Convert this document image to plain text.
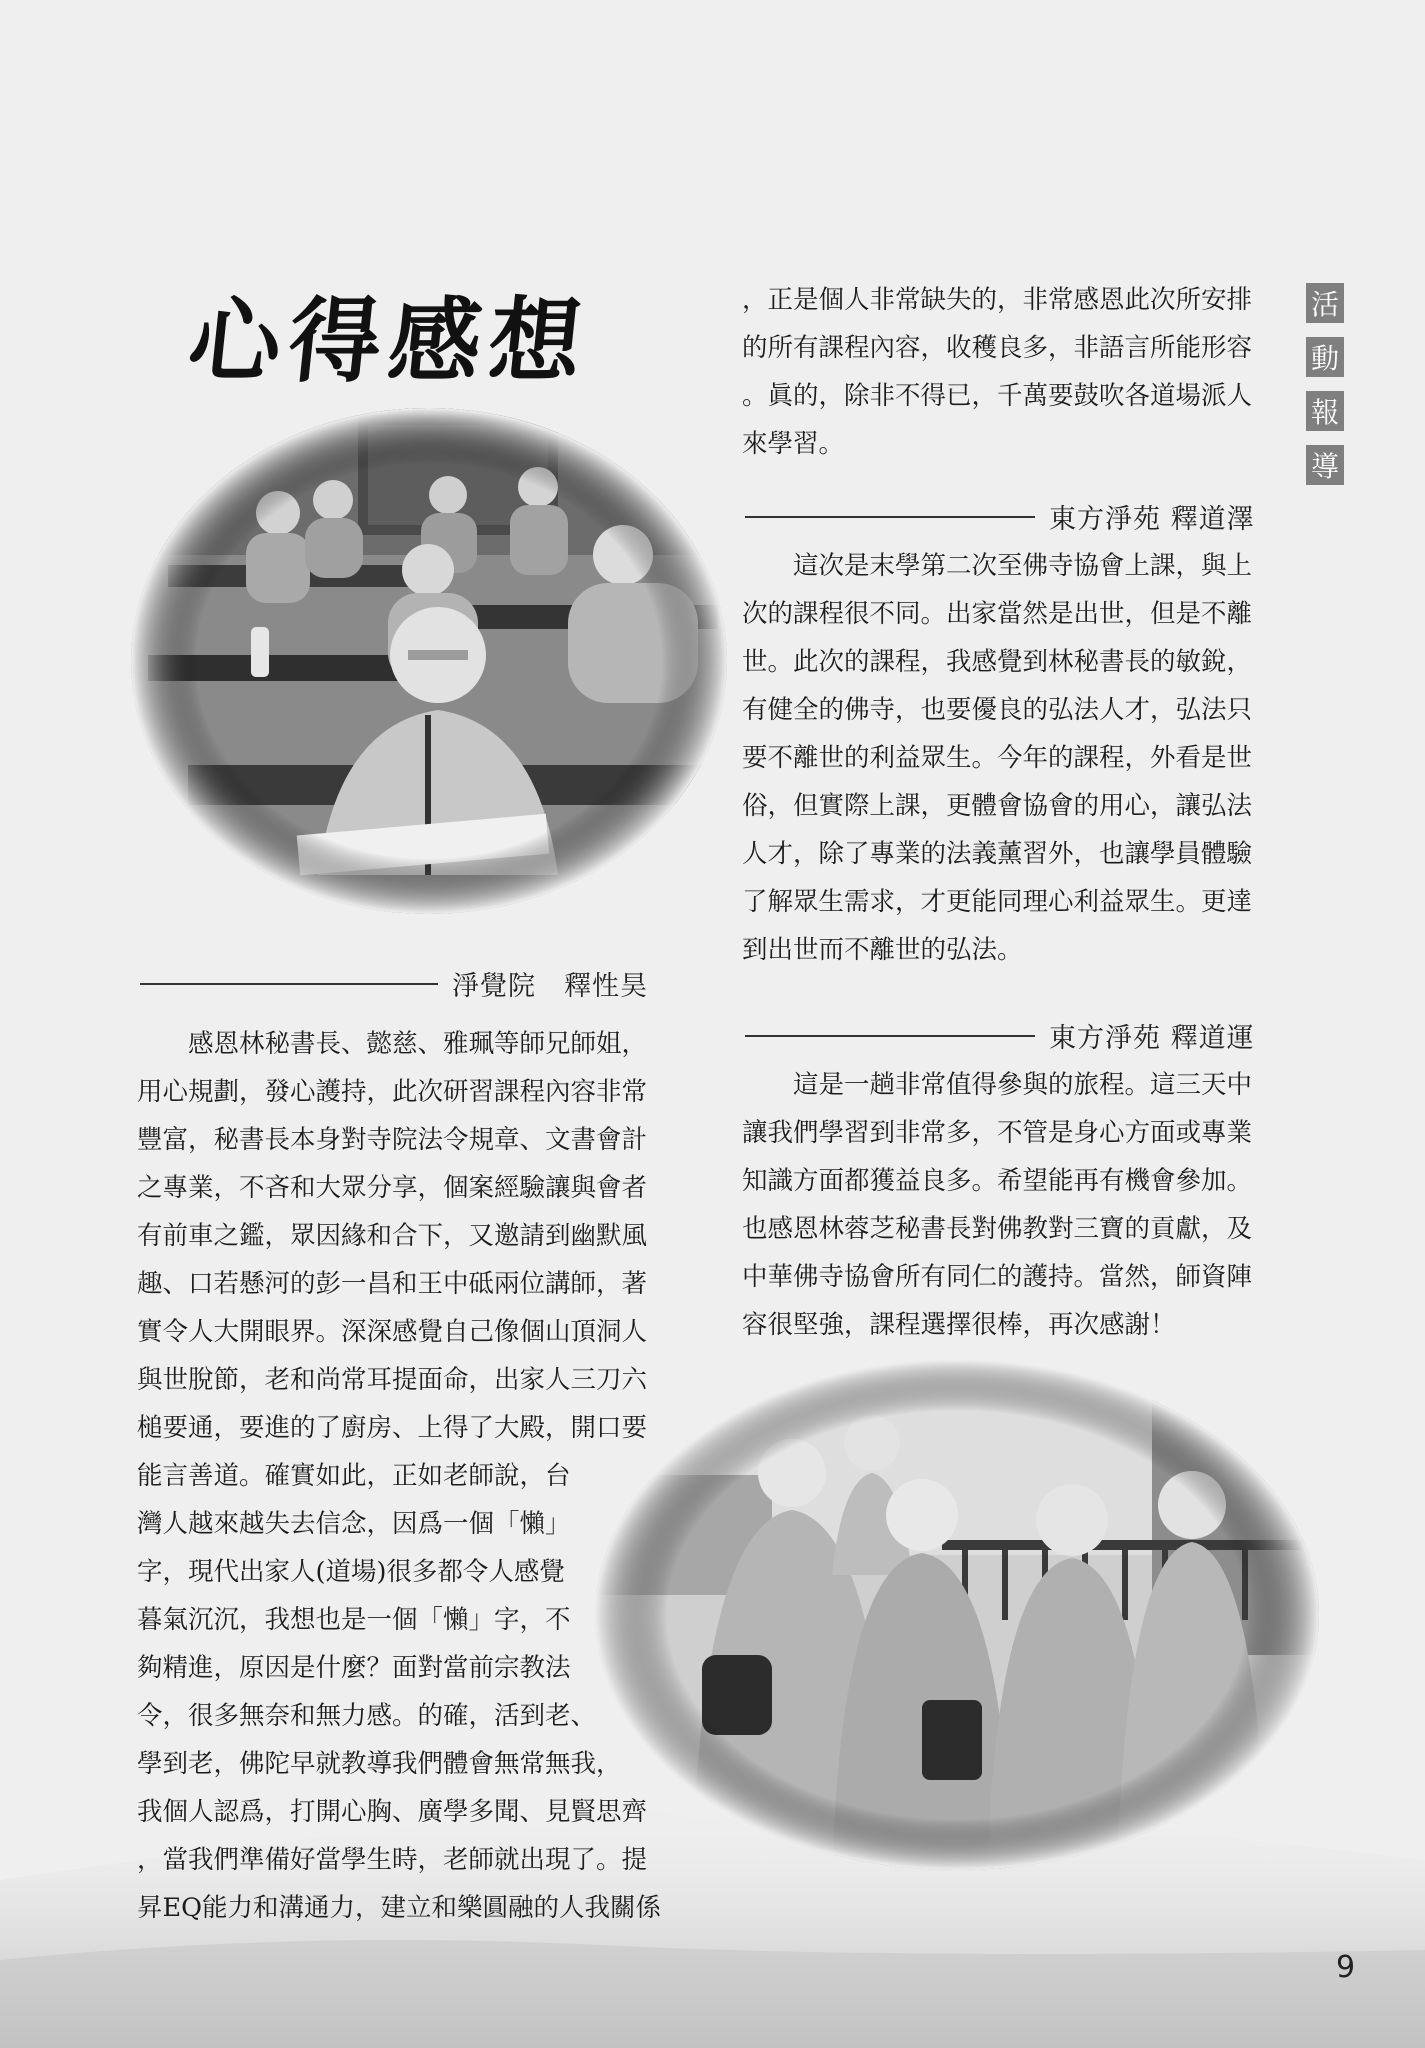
心得感想	活
動
報
導
淨覺院　釋性昊
東方淨苑 釋道澤
東方淨苑 釋道運
　　感恩林秘書長、懿慈、雅珮等師兄師姐，
用心規劃，發心護持，此次研習課程內容非常
豐富，秘書長本身對寺院法令規章、文書會計
之專業，不吝和大眾分享，個案經驗讓與會者
有前車之鑑，眾因緣和合下，又邀請到幽默風
趣、口若懸河的彭一昌和王中砥兩位講師，著
實令人大開眼界。深深感覺自己像個山頂洞人
與世脫節，老和尚常耳提面命，出家人三刀六
槌要通，要進的了廚房、上得了大殿，開口要
能言善道。確實如此，正如老師說，台
灣人越來越失去信念，因爲一個「懶」
字，現代出家人(道場)很多都令人感覺
暮氣沉沉，我想也是一個「懶」字，不
夠精進，原因是什麼？面對當前宗教法
令，很多無奈和無力感。的確，活到老、
學到老，佛陀早就教導我們體會無常無我，
我個人認爲，打開心胸、廣學多聞、見賢思齊
，當我們準備好當學生時，老師就出現了。提
昇EQ能力和溝通力，建立和樂圓融的人我關係
，正是個人非常缺失的，非常感恩此次所安排
的所有課程內容，收穫良多，非語言所能形容
。眞的，除非不得已，千萬要鼓吹各道場派人
來學習。
　　這次是末學第二次至佛寺協會上課，與上
次的課程很不同。出家當然是出世，但是不離
世。此次的課程，我感覺到林秘書長的敏銳，
有健全的佛寺，也要優良的弘法人才，弘法只
要不離世的利益眾生。今年的課程，外看是世
俗，但實際上課，更體會協會的用心，讓弘法
人才，除了專業的法義薰習外，也讓學員體驗
了解眾生需求，才更能同理心利益眾生。更達
到出世而不離世的弘法。
　　這是一趟非常值得參與的旅程。這三天中
讓我們學習到非常多，不管是身心方面或專業
知識方面都獲益良多。希望能再有機會參加。
也感恩林蓉芝秘書長對佛教對三寶的貢獻，及
中華佛寺協會所有同仁的護持。當然，師資陣
容很堅強，課程選擇很棒，再次感謝！
9
